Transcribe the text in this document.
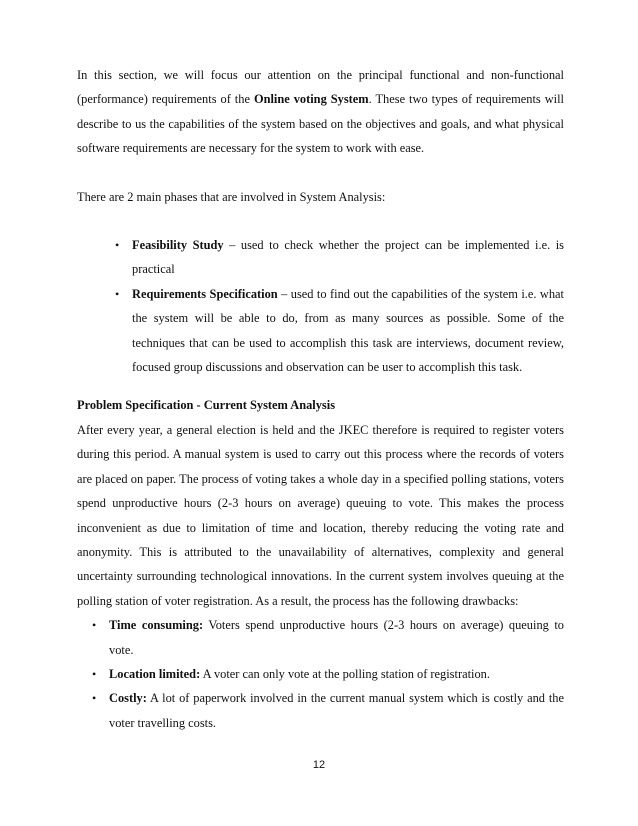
In this section, we will focus our attention on the principal functional and non-functional (performance) requirements of the Online voting System. These two types of requirements will describe to us the capabilities of the system based on the objectives and goals, and what physical software requirements are necessary for the system to work with ease.

There are 2 main phases that are involved in System Analysis:

• Feasibility Study – used to check whether the project can be implemented i.e. is practical
• Requirements Specification – used to find out the capabilities of the system i.e. what the system will be able to do, from as many sources as possible. Some of the techniques that can be used to accomplish this task are interviews, document review, focused group discussions and observation can be user to accomplish this task.

Problem Specification - Current System Analysis

After every year, a general election is held and the JKEC therefore is required to register voters during this period. A manual system is used to carry out this process where the records of voters are placed on paper. The process of voting takes a whole day in a specified polling stations, voters spend unproductive hours (2-3 hours on average) queuing to vote. This makes the process inconvenient as due to limitation of time and location, thereby reducing the voting rate and anonymity. This is attributed to the unavailability of alternatives, complexity and general uncertainty surrounding technological innovations. In the current system involves queuing at the polling station of voter registration. As a result, the process has the following drawbacks:

• Time consuming: Voters spend unproductive hours (2-3 hours on average) queuing to vote.
• Location limited: A voter can only vote at the polling station of registration.
• Costly: A lot of paperwork involved in the current manual system which is costly and the voter travelling costs.
12
